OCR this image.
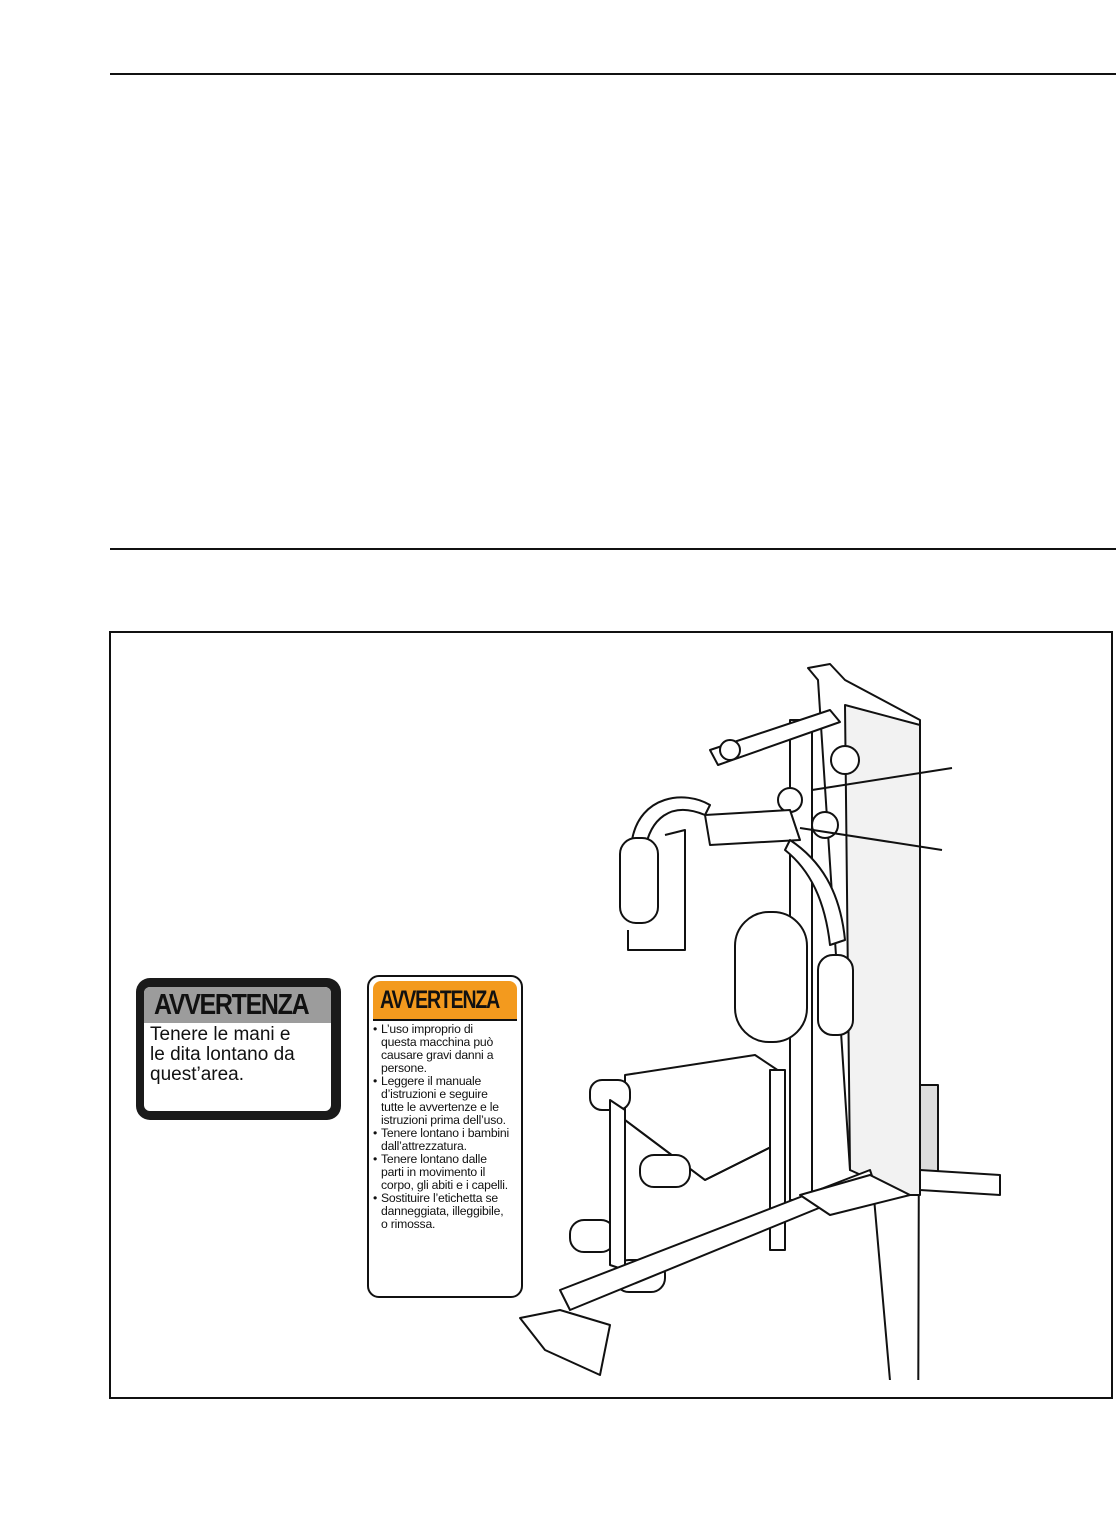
AVVERTENZA
Tenere le mani e
le dita lontano da
quest’area.
AVVERTENZA
• L’uso improprio di
questa macchina può
causare gravi danni a
persone.
• Leggere il manuale
d’istruzioni e seguire
tutte le avvertenze e le
istruzioni prima dell’uso.
• Tenere lontano i bambini
dall’attrezzatura.
• Tenere lontano dalle
parti in movimento il
corpo, gli abiti e i capelli.
• Sostituire l’etichetta se
danneggiata, illeggibile,
o rimossa.
